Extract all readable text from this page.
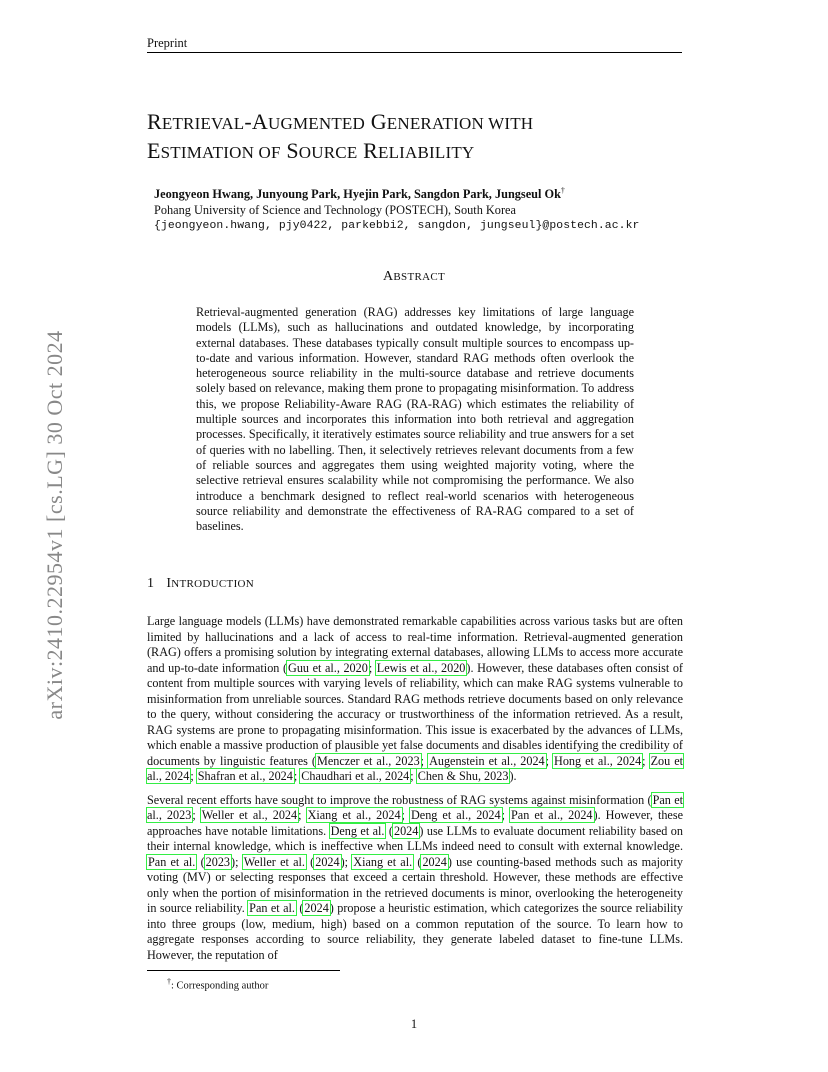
Preprint
arXiv:2410.22954v1 [cs.LG] 30 Oct 2024
RETRIEVAL-AUGMENTED GENERATION WITH
ESTIMATION OF SOURCE RELIABILITY
Jeongyeon Hwang, Junyoung Park, Hyejin Park, Sangdon Park, Jungseul Ok†
Pohang University of Science and Technology (POSTECH), South Korea
{jeongyeon.hwang, pjy0422, parkebbi2, sangdon, jungseul}@postech.ac.kr
ABSTRACT
Retrieval-augmented generation (RAG) addresses key limitations of large language models (LLMs), such as hallucinations and outdated knowledge, by incorporating external databases. These databases typically consult multiple sources to encompass up-to-date and various information. However, standard RAG methods often overlook the heterogeneous source reliability in the multi-source database and retrieve documents solely based on relevance, making them prone to propagating misinformation. To address this, we propose Reliability-Aware RAG (RA-RAG) which estimates the reliability of multiple sources and incorporates this information into both retrieval and aggregation processes. Specifically, it iteratively estimates source reliability and true answers for a set of queries with no labelling. Then, it selectively retrieves relevant documents from a few of reliable sources and aggregates them using weighted majority voting, where the selective retrieval ensures scalability while not compromising the performance. We also introduce a benchmark designed to reflect real-world scenarios with heterogeneous source reliability and demonstrate the effectiveness of RA-RAG compared to a set of baselines.
1 INTRODUCTION

Large language models (LLMs) have demonstrated remarkable capabilities across various tasks but are often limited by hallucinations and a lack of access to real-time information. Retrieval-augmented generation (RAG) offers a promising solution by integrating external databases, allowing LLMs to access more accurate and up-to-date information (Guu et al., 2020; Lewis et al., 2020). However, these databases often consist of content from multiple sources with varying levels of reliability, which can make RAG systems vulnerable to misinformation from unreliable sources. Standard RAG methods retrieve documents based on only relevance to the query, without considering the accuracy or trustworthiness of the information retrieved. As a result, RAG systems are prone to propagating misinformation. This issue is exacerbated by the advances of LLMs, which enable a massive production of plausible yet false documents and disables identifying the credibility of documents by linguistic features (Menczer et al., 2023; Augenstein et al., 2024; Hong et al., 2024; Zou et al., 2024; Shafran et al., 2024; Chaudhari et al., 2024; Chen & Shu, 2023).

Several recent efforts have sought to improve the robustness of RAG systems against misinformation (Pan et al., 2023; Weller et al., 2024; Xiang et al., 2024; Deng et al., 2024; Pan et al., 2024). However, these approaches have notable limitations. Deng et al. (2024) use LLMs to evaluate document reliability based on their internal knowledge, which is ineffective when LLMs indeed need to consult with external knowledge. Pan et al. (2023); Weller et al. (2024); Xiang et al. (2024) use counting-based methods such as majority voting (MV) or selecting responses that exceed a certain threshold. However, these methods are effective only when the portion of misinformation in the retrieved documents is minor, overlooking the heterogeneity in source reliability. Pan et al. (2024) propose a heuristic estimation, which categorizes the source reliability into three groups (low, medium, high) based on a common reputation of the source. To learn how to aggregate responses according to source reliability, they generate labeled dataset to fine-tune LLMs. However, the reputation of

†: Corresponding author
1
